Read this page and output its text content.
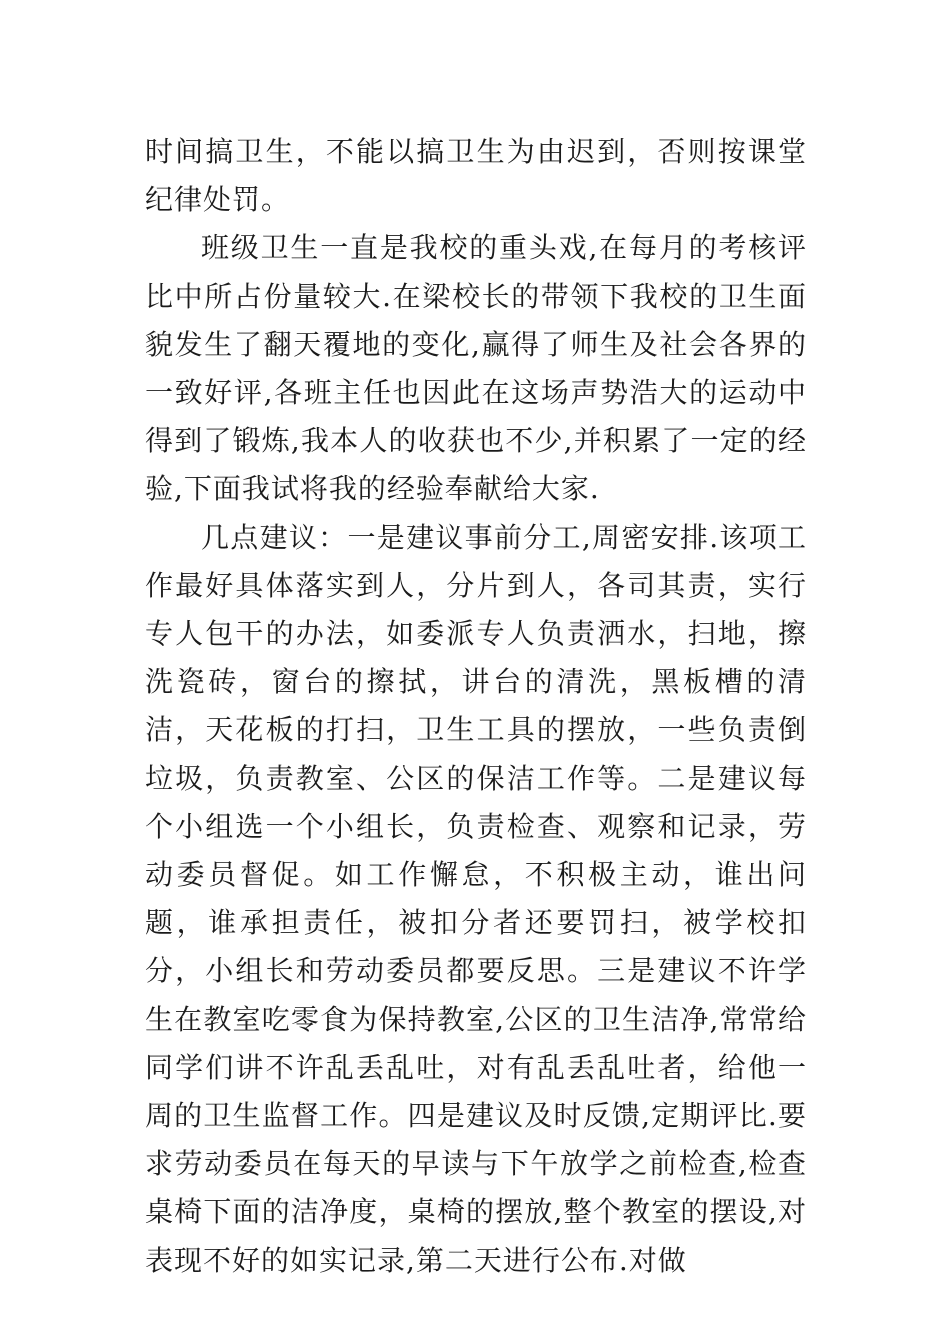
时间搞卫生，不能以搞卫生为由迟到，否则按课堂纪律处罚。

班级卫生一直是我校的重头戏,在每月的考核评比中所占份量较大.在梁校长的带领下我校的卫生面貌发生了翻天覆地的变化,赢得了师生及社会各界的一致好评,各班主任也因此在这场声势浩大的运动中得到了锻炼,我本人的收获也不少,并积累了一定的经验,下面我试将我的经验奉献给大家.

几点建议：一是建议事前分工,周密安排.该项工作最好具体落实到人，分片到人，各司其责，实行专人包干的办法，如委派专人负责洒水，扫地，擦洗瓷砖，窗台的擦拭，讲台的清洗，黑板槽的清洁，天花板的打扫，卫生工具的摆放，一些负责倒垃圾，负责教室、公区的保洁工作等。二是建议每个小组选一个小组长，负责检查、观察和记录，劳动委员督促。如工作懈怠，不积极主动，谁出问题，谁承担责任，被扣分者还要罚扫，被学校扣分，小组长和劳动委员都要反思。三是建议不许学生在教室吃零食为保持教室,公区的卫生洁净,常常给同学们讲不许乱丢乱吐，对有乱丢乱吐者，给他一周的卫生监督工作。四是建议及时反馈,定期评比.要求劳动委员在每天的早读与下午放学之前检查,检查桌椅下面的洁净度，桌椅的摆放,整个教室的摆设,对表现不好的如实记录,第二天进行公布.对做
